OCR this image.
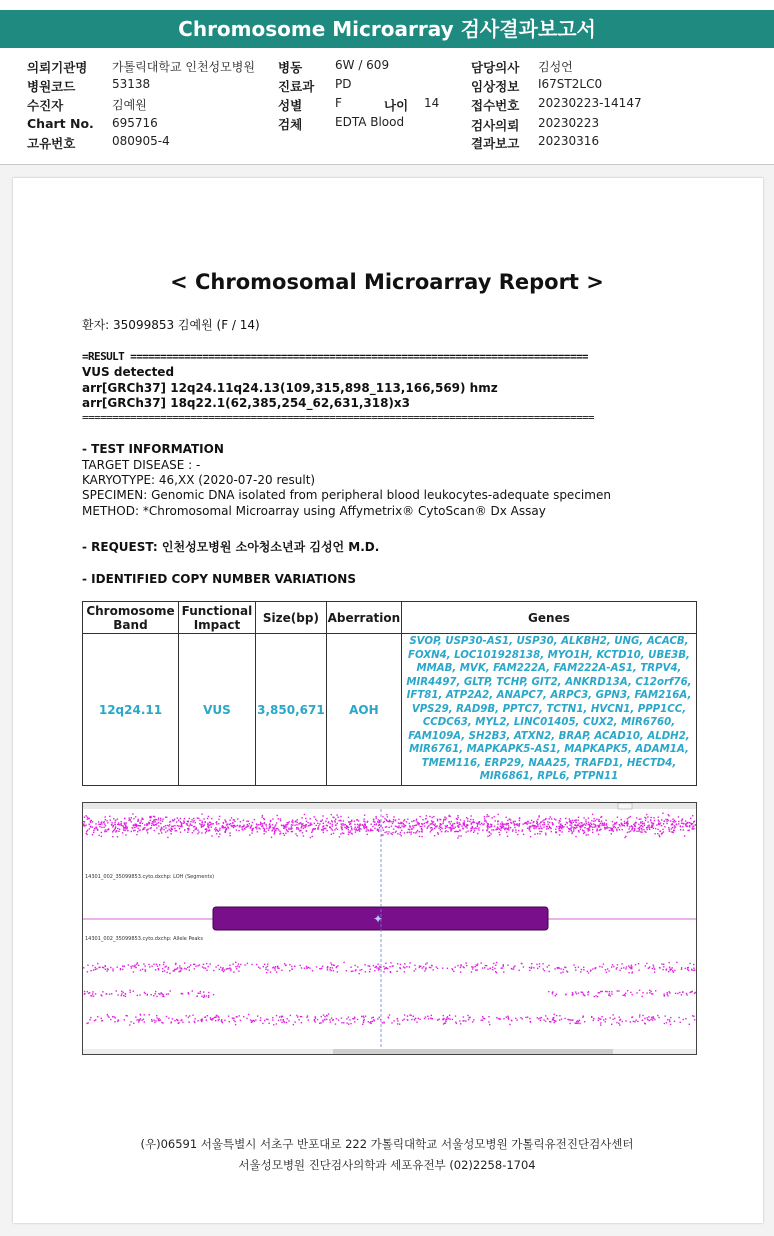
Chromosome Microarray 검사결과보고서
의뢰기관명 가톨릭대학교 인천성모병원
병원코드	53138
수진자	김예원
Chart No. 695716
고유번호	080905-4
병동	6W / 609
진료과 PD
성별	F	나이 14
검체	EDTA Blood
담당의사 김성언
임상정보 I67ST2LC0
접수번호 20230223-14147
검사의뢰 20230223
결과보고 20230316
< Chromosomal Microarray Report >
환자: 35099853 김예원 (F / 14)
=RESULT ============================================================================
VUS detected
arr[GRCh37] 12q24.11q24.13(109,315,898_113,166,569) hmz
arr[GRCh37] 18q22.1(62,385,254_62,631,318)x3
=====================================================================================
- TEST INFORMATION
TARGET DISEASE : -
KARYOTYPE: 46,XX (2020-07-20 result)
SPECIMEN: Genomic DNA isolated from peripheral blood leukocytes-adequate specimen
METHOD: *Chromosomal Microarray using Affymetrix® CytoScan® Dx Assay
- REQUEST: 인천성모병원 소아청소년과 김성언 M.D.
- IDENTIFIED COPY NUMBER VARIATIONS
Chromosome Band	Functional Impact	Size(bp)	Aberration	Genes
12q24.11	VUS	3,850,671	AOH	SVOP, USP30-AS1, USP30, ALKBH2, UNG, ACACB, FOXN4, LOC101928138, MYO1H, KCTD10, UBE3B, MMAB, MVK, FAM222A, FAM222A-AS1, TRPV4, MIR4497, GLTP, TCHP, GIT2, ANKRD13A, C12orf76, IFT81, ATP2A2, ANAPC7, ARPC3, GPN3, FAM216A, VPS29, RAD9B, PPTC7, TCTN1, HVCN1, PPP1CC, CCDC63, MYL2, LINC01405, CUX2, MIR6760, FAM109A, SH2B3, ATXN2, BRAP, ACAD10, ALDH2, MIR6761, MAPKAPK5-AS1, MAPKAPK5, ADAM1A, TMEM116, ERP29, NAA25, TRAFD1, HECTD4, MIR6861, RPL6, PTPN11
14301_002_35099853.cyto.dxchp: LOH (Segments)
✦
14301_002_35099853.cyto.dxchp: Allele Peaks
(우)06591 서울특별시 서초구 반포대로 222 가톨릭대학교 서울성모병원 가톨릭유전진단검사센터
서울성모병원 진단검사의학과 세포유전부 (02)2258-1704
